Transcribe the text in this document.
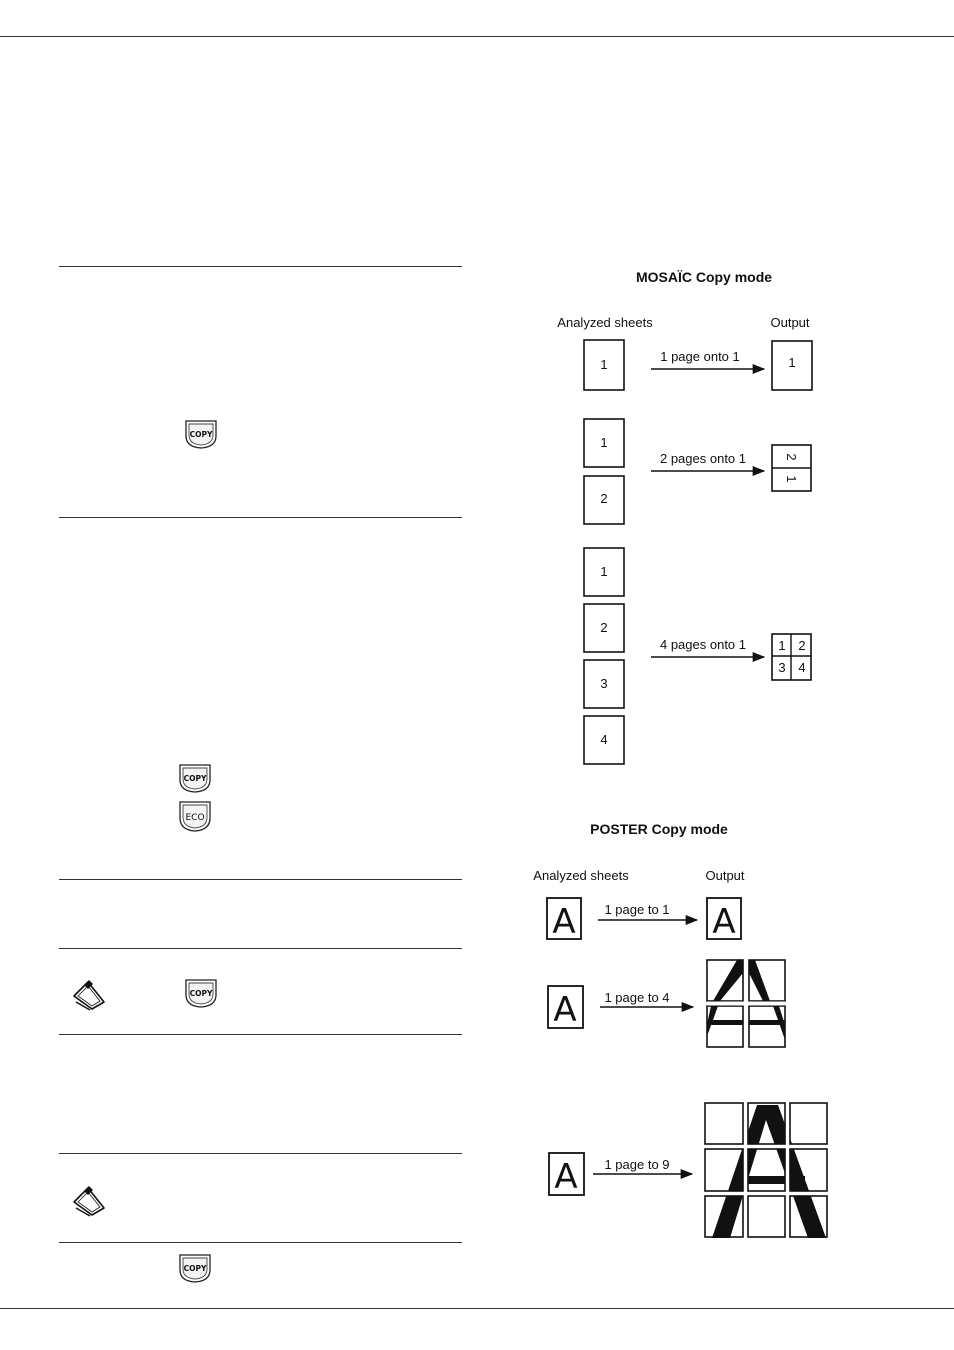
COPY
COPY
ECO
COPY
COPY
MOSAÏC Copy mode
Analyzed sheets	Output
1
1 page onto 1	1
1
2
2 pages onto 1	2
1
1
2
3
4
4 pages onto 1 1 2
3 4
POSTER Copy mode
Analyzed sheets	Output
A 1 page to 1 A
A 1 page to 4
A 1 page to 9
